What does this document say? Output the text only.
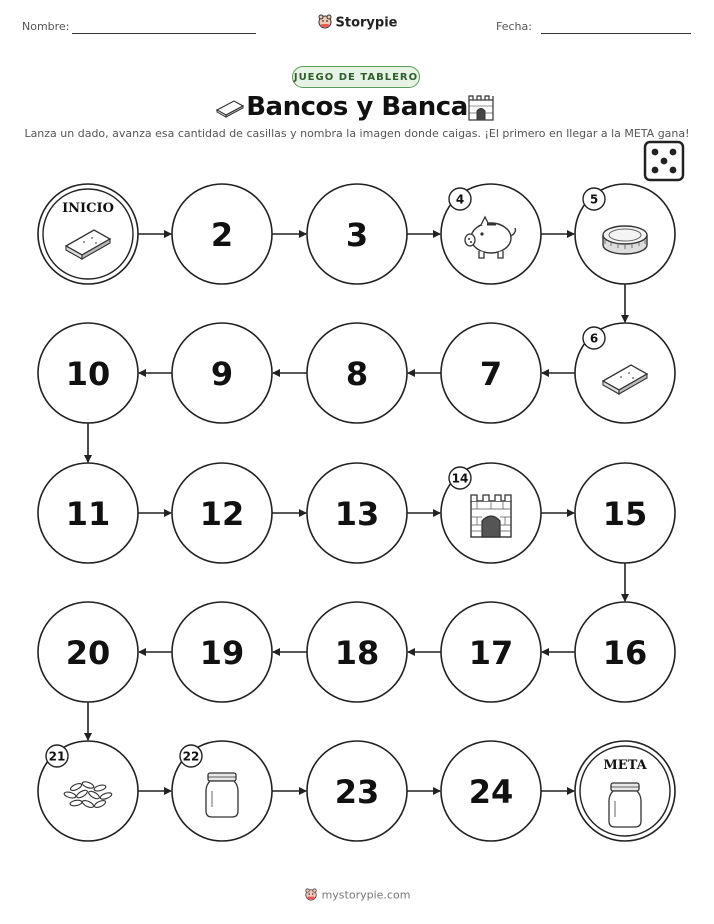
Nombre:	Storypie	Fecha:
JUEGO DE TABLERO
Bancos y Banca
Lanza un dado, avanza esa cantidad de casillas y nombra la imagen donde caigas. ¡El primero en llegar a la META gana!
INICIO
2	3
4	5
6
7
8
9
10
11	12	13
14
15
16
17
18
19
20
21	22
23	24
META
mystorypie.com
